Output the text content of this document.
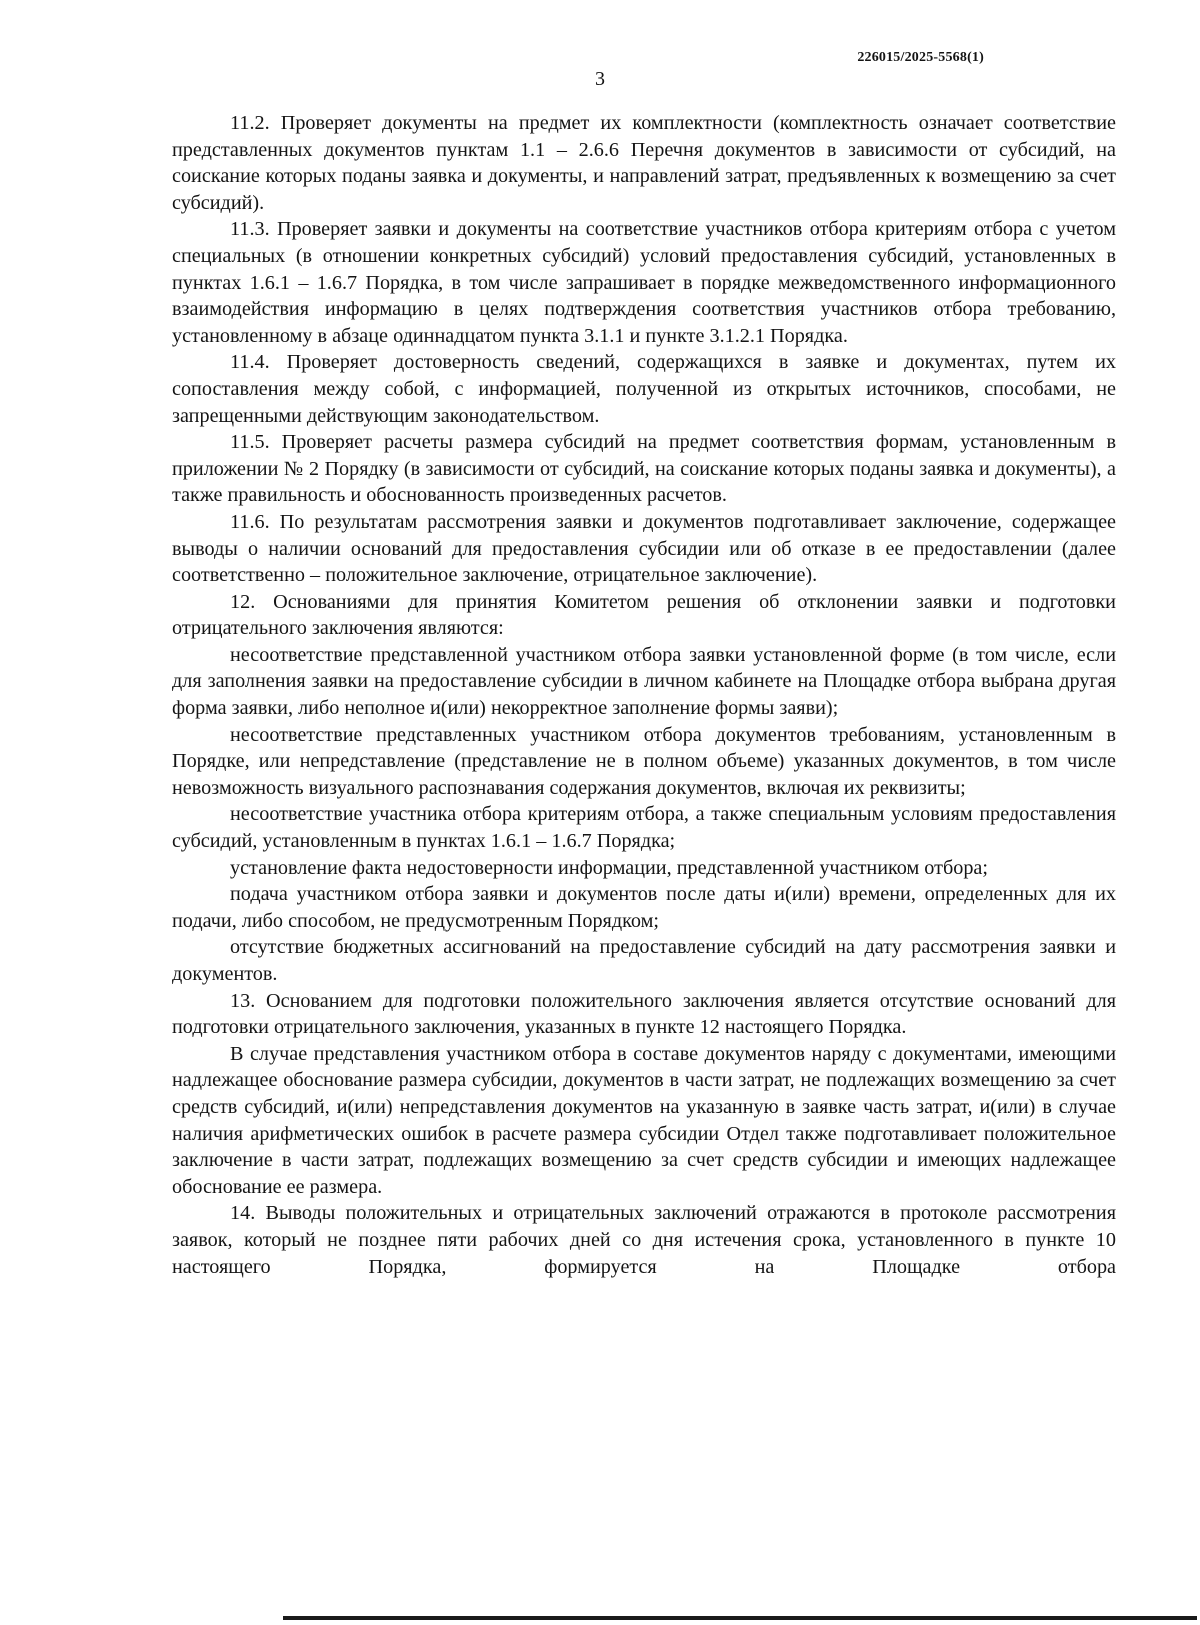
226015/2025-5568(1)
3

11.2. Проверяет документы на предмет их комплектности (комплектность означает соответствие представленных документов пунктам 1.1 – 2.6.6 Перечня документов в зависимости от субсидий, на соискание которых поданы заявка и документы, и направлений затрат, предъявленных к возмещению за счет субсидий).

11.3. Проверяет заявки и документы на соответствие участников отбора критериям отбора с учетом специальных (в отношении конкретных субсидий) условий предоставления субсидий, установленных в пунктах 1.6.1 – 1.6.7 Порядка, в том числе запрашивает в порядке межведомственного информационного взаимодействия информацию в целях подтверждения соответствия участников отбора требованию, установленному в абзаце одиннадцатом пункта 3.1.1 и пункте 3.1.2.1 Порядка.

11.4. Проверяет достоверность сведений, содержащихся в заявке и документах, путем их сопоставления между собой, с информацией, полученной из открытых источников, способами, не запрещенными действующим законодательством.

11.5. Проверяет расчеты размера субсидий на предмет соответствия формам, установленным в приложении № 2 Порядку (в зависимости от субсидий, на соискание которых поданы заявка и документы), а также правильность и обоснованность произведенных расчетов.

11.6. По результатам рассмотрения заявки и документов подготавливает заключение, содержащее выводы о наличии оснований для предоставления субсидии или об отказе в ее предоставлении (далее соответственно – положительное заключение, отрицательное заключение).

12. Основаниями для принятия Комитетом решения об отклонении заявки и подготовки отрицательного заключения являются:

несоответствие представленной участником отбора заявки установленной форме (в том числе, если для заполнения заявки на предоставление субсидии в личном кабинете на Площадке отбора выбрана другая форма заявки, либо неполное и(или) некорректное заполнение формы заяви);

несоответствие представленных участником отбора документов требованиям, установленным в Порядке, или непредставление (представление не в полном объеме) указанных документов, в том числе невозможность визуального распознавания содержания документов, включая их реквизиты;

несоответствие участника отбора критериям отбора, а также специальным условиям предоставления субсидий, установленным в пунктах 1.6.1 – 1.6.7 Порядка;

установление факта недостоверности информации, представленной участником отбора;

подача участником отбора заявки и документов после даты и(или) времени, определенных для их подачи, либо способом, не предусмотренным Порядком;

отсутствие бюджетных ассигнований на предоставление субсидий на дату рассмотрения заявки и документов.

13. Основанием для подготовки положительного заключения является отсутствие оснований для подготовки отрицательного заключения, указанных в пункте 12 настоящего Порядка.

В случае представления участником отбора в составе документов наряду с документами, имеющими надлежащее обоснование размера субсидии, документов в части затрат, не подлежащих возмещению за счет средств субсидий, и(или) непредставления документов на указанную в заявке часть затрат, и(или) в случае наличия арифметических ошибок в расчете размера субсидии Отдел также подготавливает положительное заключение в части затрат, подлежащих возмещению за счет средств субсидии и имеющих надлежащее обоснование ее размера.

14. Выводы положительных и отрицательных заключений отражаются в протоколе рассмотрения заявок, который не позднее пяти рабочих дней со дня истечения срока, установленного в пункте 10 настоящего Порядка, формируется на Площадке отбора
